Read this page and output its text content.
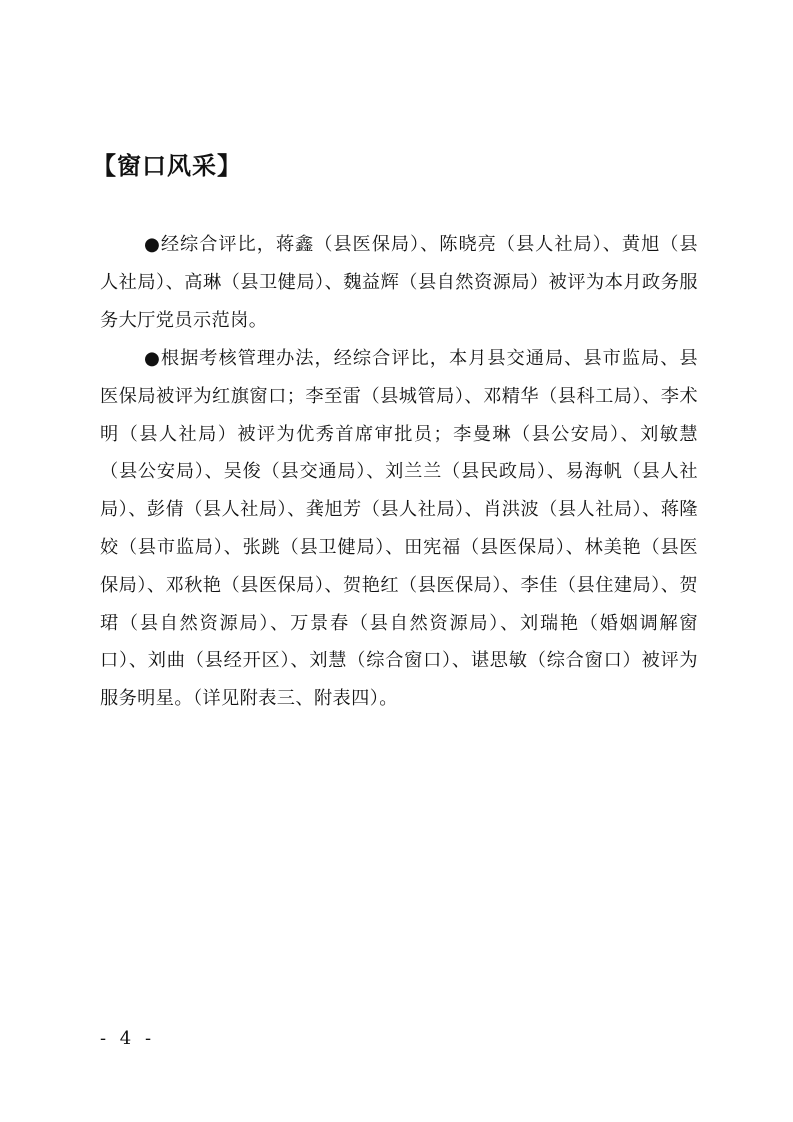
【窗口风采】

●经综合评比，蒋鑫（县医保局）、陈晓亮（县人社局）、黄旭（县人社局）、高琳（县卫健局）、魏益辉（县自然资源局）被评为本月政务服务大厅党员示范岗。

●根据考核管理办法，经综合评比，本月县交通局、县市监局、县医保局被评为红旗窗口；李至雷（县城管局）、邓精华（县科工局）、李术明（县人社局）被评为优秀首席审批员；李曼琳（县公安局）、刘敏慧（县公安局）、吴俊（县交通局）、刘兰兰（县民政局）、易海帆（县人社局）、彭倩（县人社局）、龚旭芳（县人社局）、肖洪波（县人社局）、蒋隆姣（县市监局）、张跳（县卫健局）、田宪福（县医保局）、林美艳（县医保局）、邓秋艳（县医保局）、贺艳红（县医保局）、李佳（县住建局）、贺珺（县自然资源局）、万景春（县自然资源局）、刘瑞艳（婚姻调解窗口）、刘曲（县经开区）、刘慧（综合窗口）、谌思敏（综合窗口）被评为服务明星。（详见附表三、附表四）。

- 4 -
